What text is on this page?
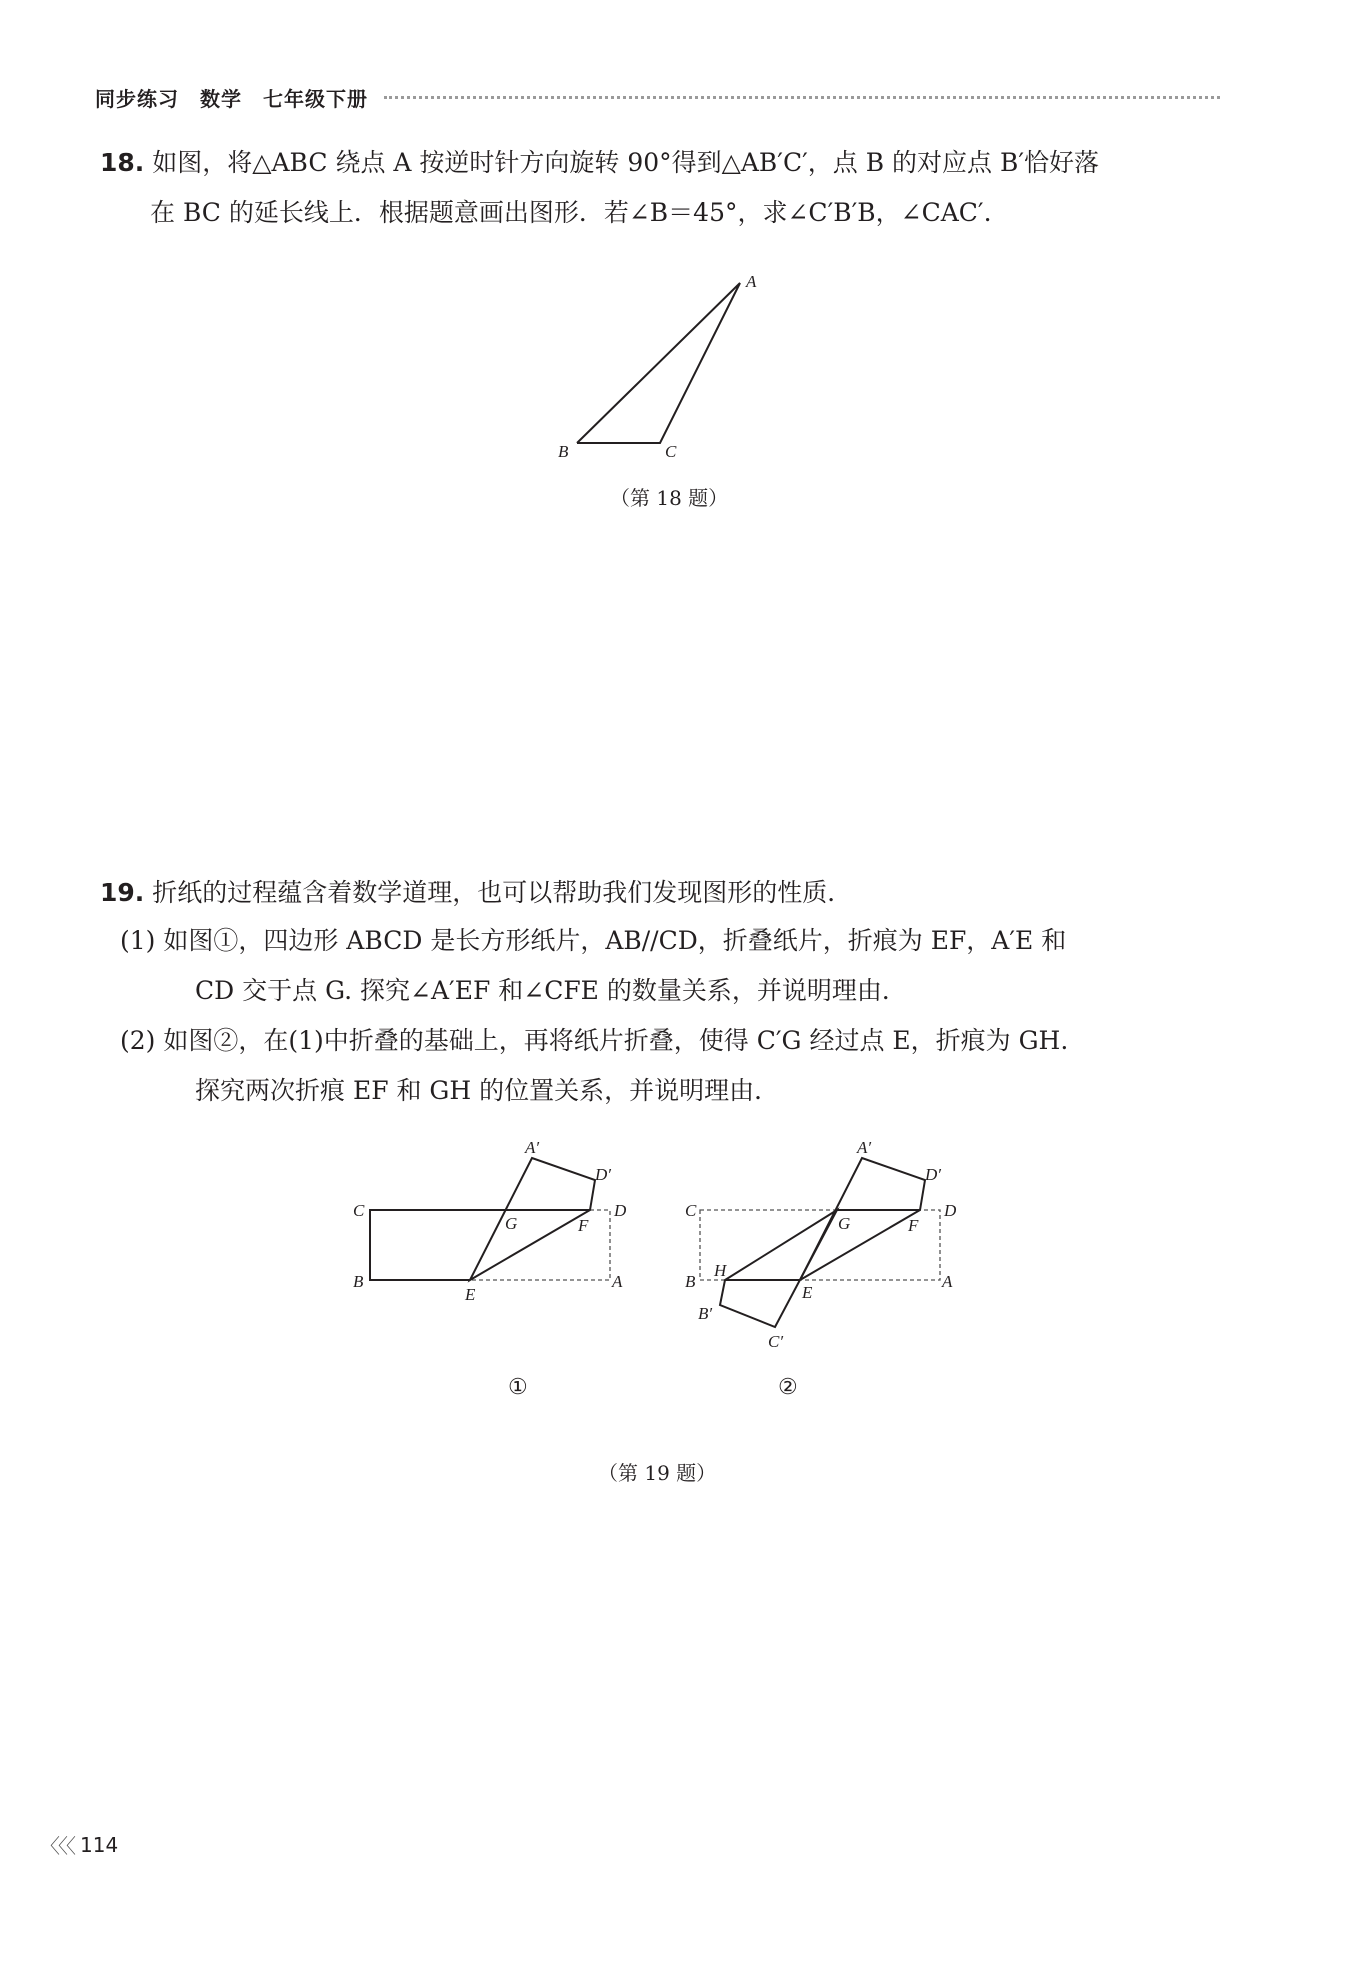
同步练习　数学　七年级下册
18. 如图，将△ABC 绕点 A 按逆时针方向旋转 90°得到△AB′C′，点 B 的对应点 B′恰好落
在 BC 的延长线上．根据题意画出图形．若∠B＝45°，求∠C′B′B，∠CAC′.
A
B	C
（第 18 题）
19. 折纸的过程蕴含着数学道理，也可以帮助我们发现图形的性质．
(1) 如图①，四边形 ABCD 是长方形纸片，AB//CD，折叠纸片，折痕为 EF，A′E 和
CD 交于点 G. 探究∠A′EF 和∠CFE 的数量关系，并说明理由．
(2) 如图②，在(1)中折叠的基础上，再将纸片折叠，使得 C′G 经过点 E，折痕为 GH.
探究两次折痕 EF 和 GH 的位置关系，并说明理由．
A′
D′
C
G
D
F
B
E
A
①
A′
D′
C
G
D
F
B
H
E
A
B′
C′
②
（第 19 题）
〈〈〈 114
